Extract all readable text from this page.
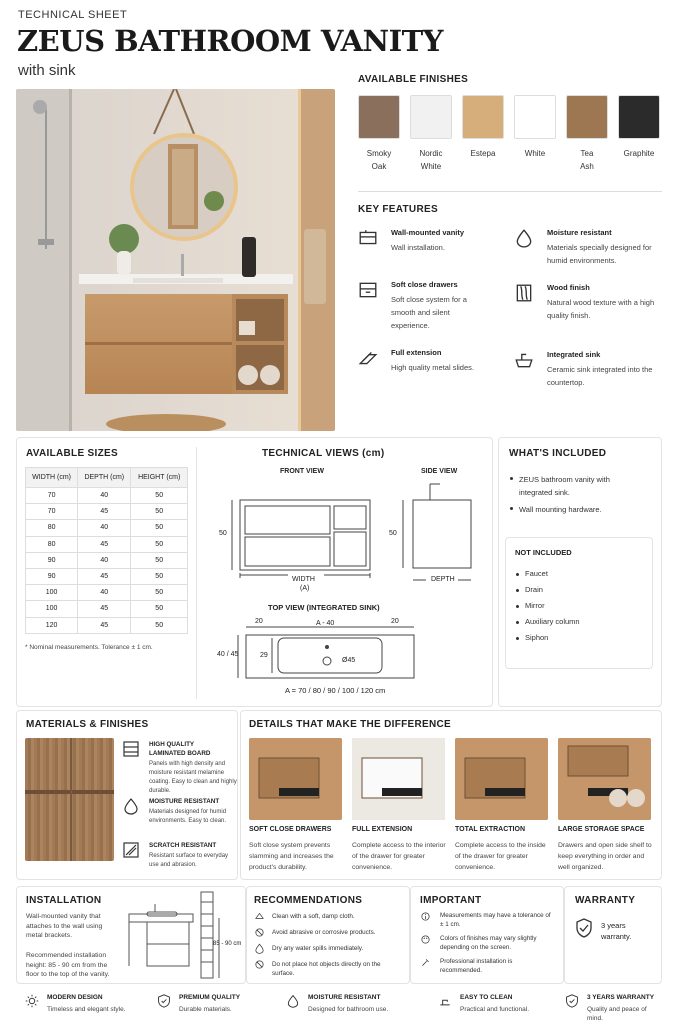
TECHNICAL SHEET
ZEUS BATHROOM VANITY
with sink
AVAILABLE FINISHES
Smoky
Oak
Nordic
White
Estepa	White	Tea
Ash
Graphite
KEY FEATURES
Wall-mounted vanity
Wall installation.
Moisture resistant
Materials specially designed for humid environments.
Soft close drawers
Soft close system for a smooth and silent experience.
Wood finish
Natural wood texture with a high quality finish.
Full extension
High quality metal slides.
Integrated sink
Ceramic sink integrated into the countertop.
AVAILABLE SIZES
WIDTH (cm)	DEPTH (cm)	HEIGHT (cm)
70	40	50
70	45	50
80	40	50
80	45	50
90	40	50
90	45	50
100	40	50
100	45	50
120	45	50
* Nominal measurements. Tolerance ± 1 cm.
TECHNICAL VIEWS (cm)
FRONT VIEW	SIDE VIEW
50	50
WIDTH
(A)
DEPTH
TOP VIEW (INTEGRATED SINK)
20	A - 40	20
40 / 45	29
Ø45
A = 70 / 80 / 90 / 100 / 120 cm
WHAT'S INCLUDED
ZEUS bathroom vanity with integrated sink.
Wall mounting hardware.
NOT INCLUDED
Faucet
Drain
Mirror
Auxiliary column
Siphon
MATERIALS & FINISHES
HIGH QUALITY LAMINATED BOARD
Panels with high density and moisture resistant melamine coating. Easy to clean and highly durable.
MOISTURE RESISTANT
Materials designed for humid environments. Easy to clean.
SCRATCH RESISTANT
Resistant surface to everyday use and abrasion.
DETAILS THAT MAKE THE DIFFERENCE
SOFT CLOSE DRAWERS
Soft close system prevents slamming and increases the product's durability.
FULL EXTENSION
Complete access to the interior of the drawer for greater convenience.
TOTAL EXTRACTION
Complete access to the inside of the drawer for greater convenience.
LARGE STORAGE SPACE
Drawers and open side shelf to keep everything in order and well organized.
INSTALLATION
Wall-mounted vanity that attaches to the wall using metal brackets.
Recommended installation height: 85 - 90 cm from the floor to the top of the vanity.
85 - 90 cm
RECOMMENDATIONS
Clean with a soft, damp cloth.
Avoid abrasive or corrosive products.
Dry any water spills immediately.
Do not place hot objects directly on the surface.
IMPORTANT
Measurements may have a tolerance of ± 1 cm.
Colors of finishes may vary slightly depending on the screen.
Professional installation is recommended.
WARRANTY
3 years warranty.
MODERN DESIGN
Timeless and elegant style.
PREMIUM QUALITY
Durable materials.
MOISTURE RESISTANT
Designed for bathroom use.
EASY TO CLEAN
Practical and functional.
3 YEARS WARRANTY
Quality and peace of mind.
